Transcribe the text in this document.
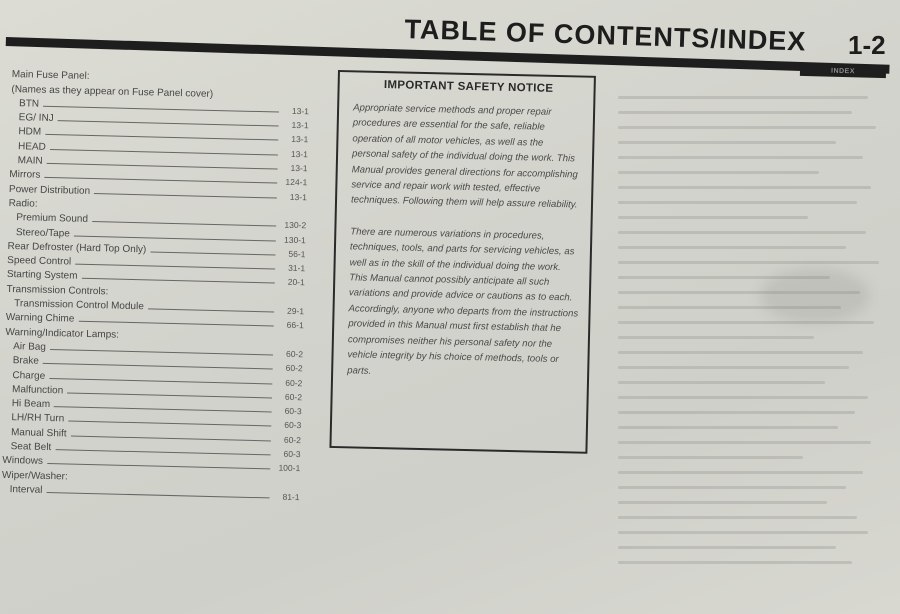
TABLE OF CONTENTS/INDEX 1-2
INDEX
Main Fuse Panel:
(Names as they appear on Fuse Panel cover)
BTN
13-1
EG/ INJ
13-1
HDM
13-1
HEAD
13-1
MAIN
13-1
Mirrors
124-1
Power Distribution
13-1
Radio:
Premium Sound
130-2
Stereo/Tape
130-1
Rear Defroster (Hard Top Only)	56-1
Speed Control
31-1
Starting System
20-1
Transmission Controls:
Transmission Control Module	29-1
Warning Chime
66-1
Warning/Indicator Lamps:
Air Bag
60-2
Brake
60-2
Charge
60-2
Malfunction
60-2
Hi Beam
60-3
LH/RH Turn
60-3
Manual Shift
60-2
Seat Belt
60-3
Windows
100-1
Wiper/Washer:
Interval
81-1
IMPORTANT SAFETY NOTICE

Appropriate service methods and proper repair procedures are essential for the safe, reliable operation of all motor vehicles, as well as the personal safety of the individual doing the work. This Manual provides general directions for accomplishing service and repair work with tested, effective techniques. Following them will help assure reliability.

There are numerous variations in procedures, techniques, tools, and parts for servicing vehicles, as well as in the skill of the individual doing the work. This Manual cannot possibly anticipate all such variations and provide advice or cautions as to each. Accordingly, anyone who departs from the instructions provided in this Manual must first establish that he compromises neither his personal safety nor the vehicle integrity by his choice of methods, tools or parts.
